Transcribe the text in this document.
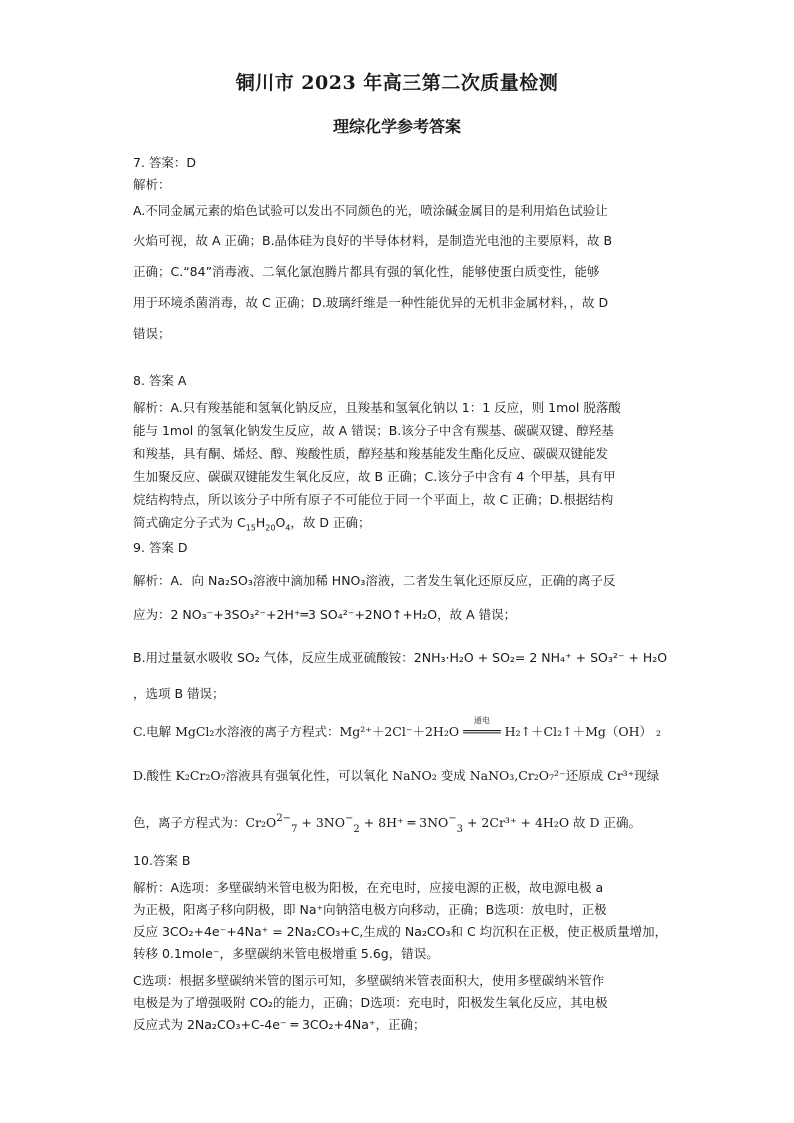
铜川市 2023 年高三第二次质量检测
理综化学参考答案
7. 答案：D
解析：
A.不同金属元素的焰色试验可以发出不同颜色的光，喷涂碱金属目的是利用焰色试验让
火焰可视，故 A 正确；B.晶体硅为良好的半导体材料，是制造光电池的主要原料，故 B
正确；C.“84”消毒液、二氧化氯泡腾片都具有强的氧化性，能够使蛋白质变性，能够
用于环境杀菌消毒，故 C 正确；D.玻璃纤维是一种性能优异的无机非金属材料，，故 D
错误；
8. 答案 A
解析：A.只有羧基能和氢氧化钠反应，且羧基和氢氧化钠以 1：1 反应，则 1mol 脱落酸
能与 1mol 的氢氧化钠发生反应，故 A 错误；B.该分子中含有羰基、碳碳双键、醇羟基
和羧基，具有酮、烯烃、醇、羧酸性质，醇羟基和羧基能发生酯化反应、碳碳双键能发
生加聚反应、碳碳双键能发生氧化反应，故 B 正确；C.该分子中含有 4 个甲基，具有甲
烷结构特点，所以该分子中所有原子不可能位于同一个平面上，故 C 正确；D.根据结构
简式确定分子式为 $C_{15}H_{20}O_4$，故 D 正确；
9. 答案 D
解析：A．向 Na₂SO₃溶液中滴加稀 HNO₃溶液，二者发生氧化还原反应，正确的离子反
应为：2 NO₃⁻+3SO₃²⁻+2H⁺═3 SO₄²⁻+2NO↑+H₂O，故 A 错误；
B.用过量氨水吸收 SO₂ 气体，反应生成亚硫酸铵：2NH₃·H₂O + SO₂= 2 NH₄⁺ + SO₃²⁻ + H₂O
，选项 B 错误；
C.电解 MgCl₂水溶液的离子方程式：Mg²⁺＋2Cl⁻＋2H₂O
通电
═════ H₂↑＋Cl₂↑＋Mg（OH） ₂
D.酸性 K₂Cr₂O₇溶液具有强氧化性，可以氧化 NaNO₂ 变成 NaNO₃,Cr₂O₇²⁻还原成 Cr³⁺现绿
色，离子方程式为：$Cr_2O^{2-}_7 + 3NO^-_2 + 8H^+$ ═ $3NO^-_3 + 2Cr^{3+} + 4H_2O$ 故 D 正确。
10.答案 B
解析：A选项：多壁碳纳米管电极为阳极，在充电时，应接电源的正极，故电源电极 a
为正极，阳离子移向阴极，即 Na⁺向钠箔电极方向移动，正确；B选项：放电时，正极
反应 3CO₂+4e⁻+4Na⁺ = 2Na₂CO₃+C,生成的 Na₂CO₃和 C 均沉积在正极，使正极质量增加，
转移 0.1mole⁻，多壁碳纳米管电极增重 5.6g，错误。
C选项：根据多壁碳纳米管的图示可知，多壁碳纳米管表面积大，使用多壁碳纳米管作
电极是为了增强吸附 CO₂的能力，正确；D选项：充电时，阳极发生氧化反应，其电极
反应式为 2Na₂CO₃+C-4e⁻ ═ 3CO₂+4Na⁺，正确；
